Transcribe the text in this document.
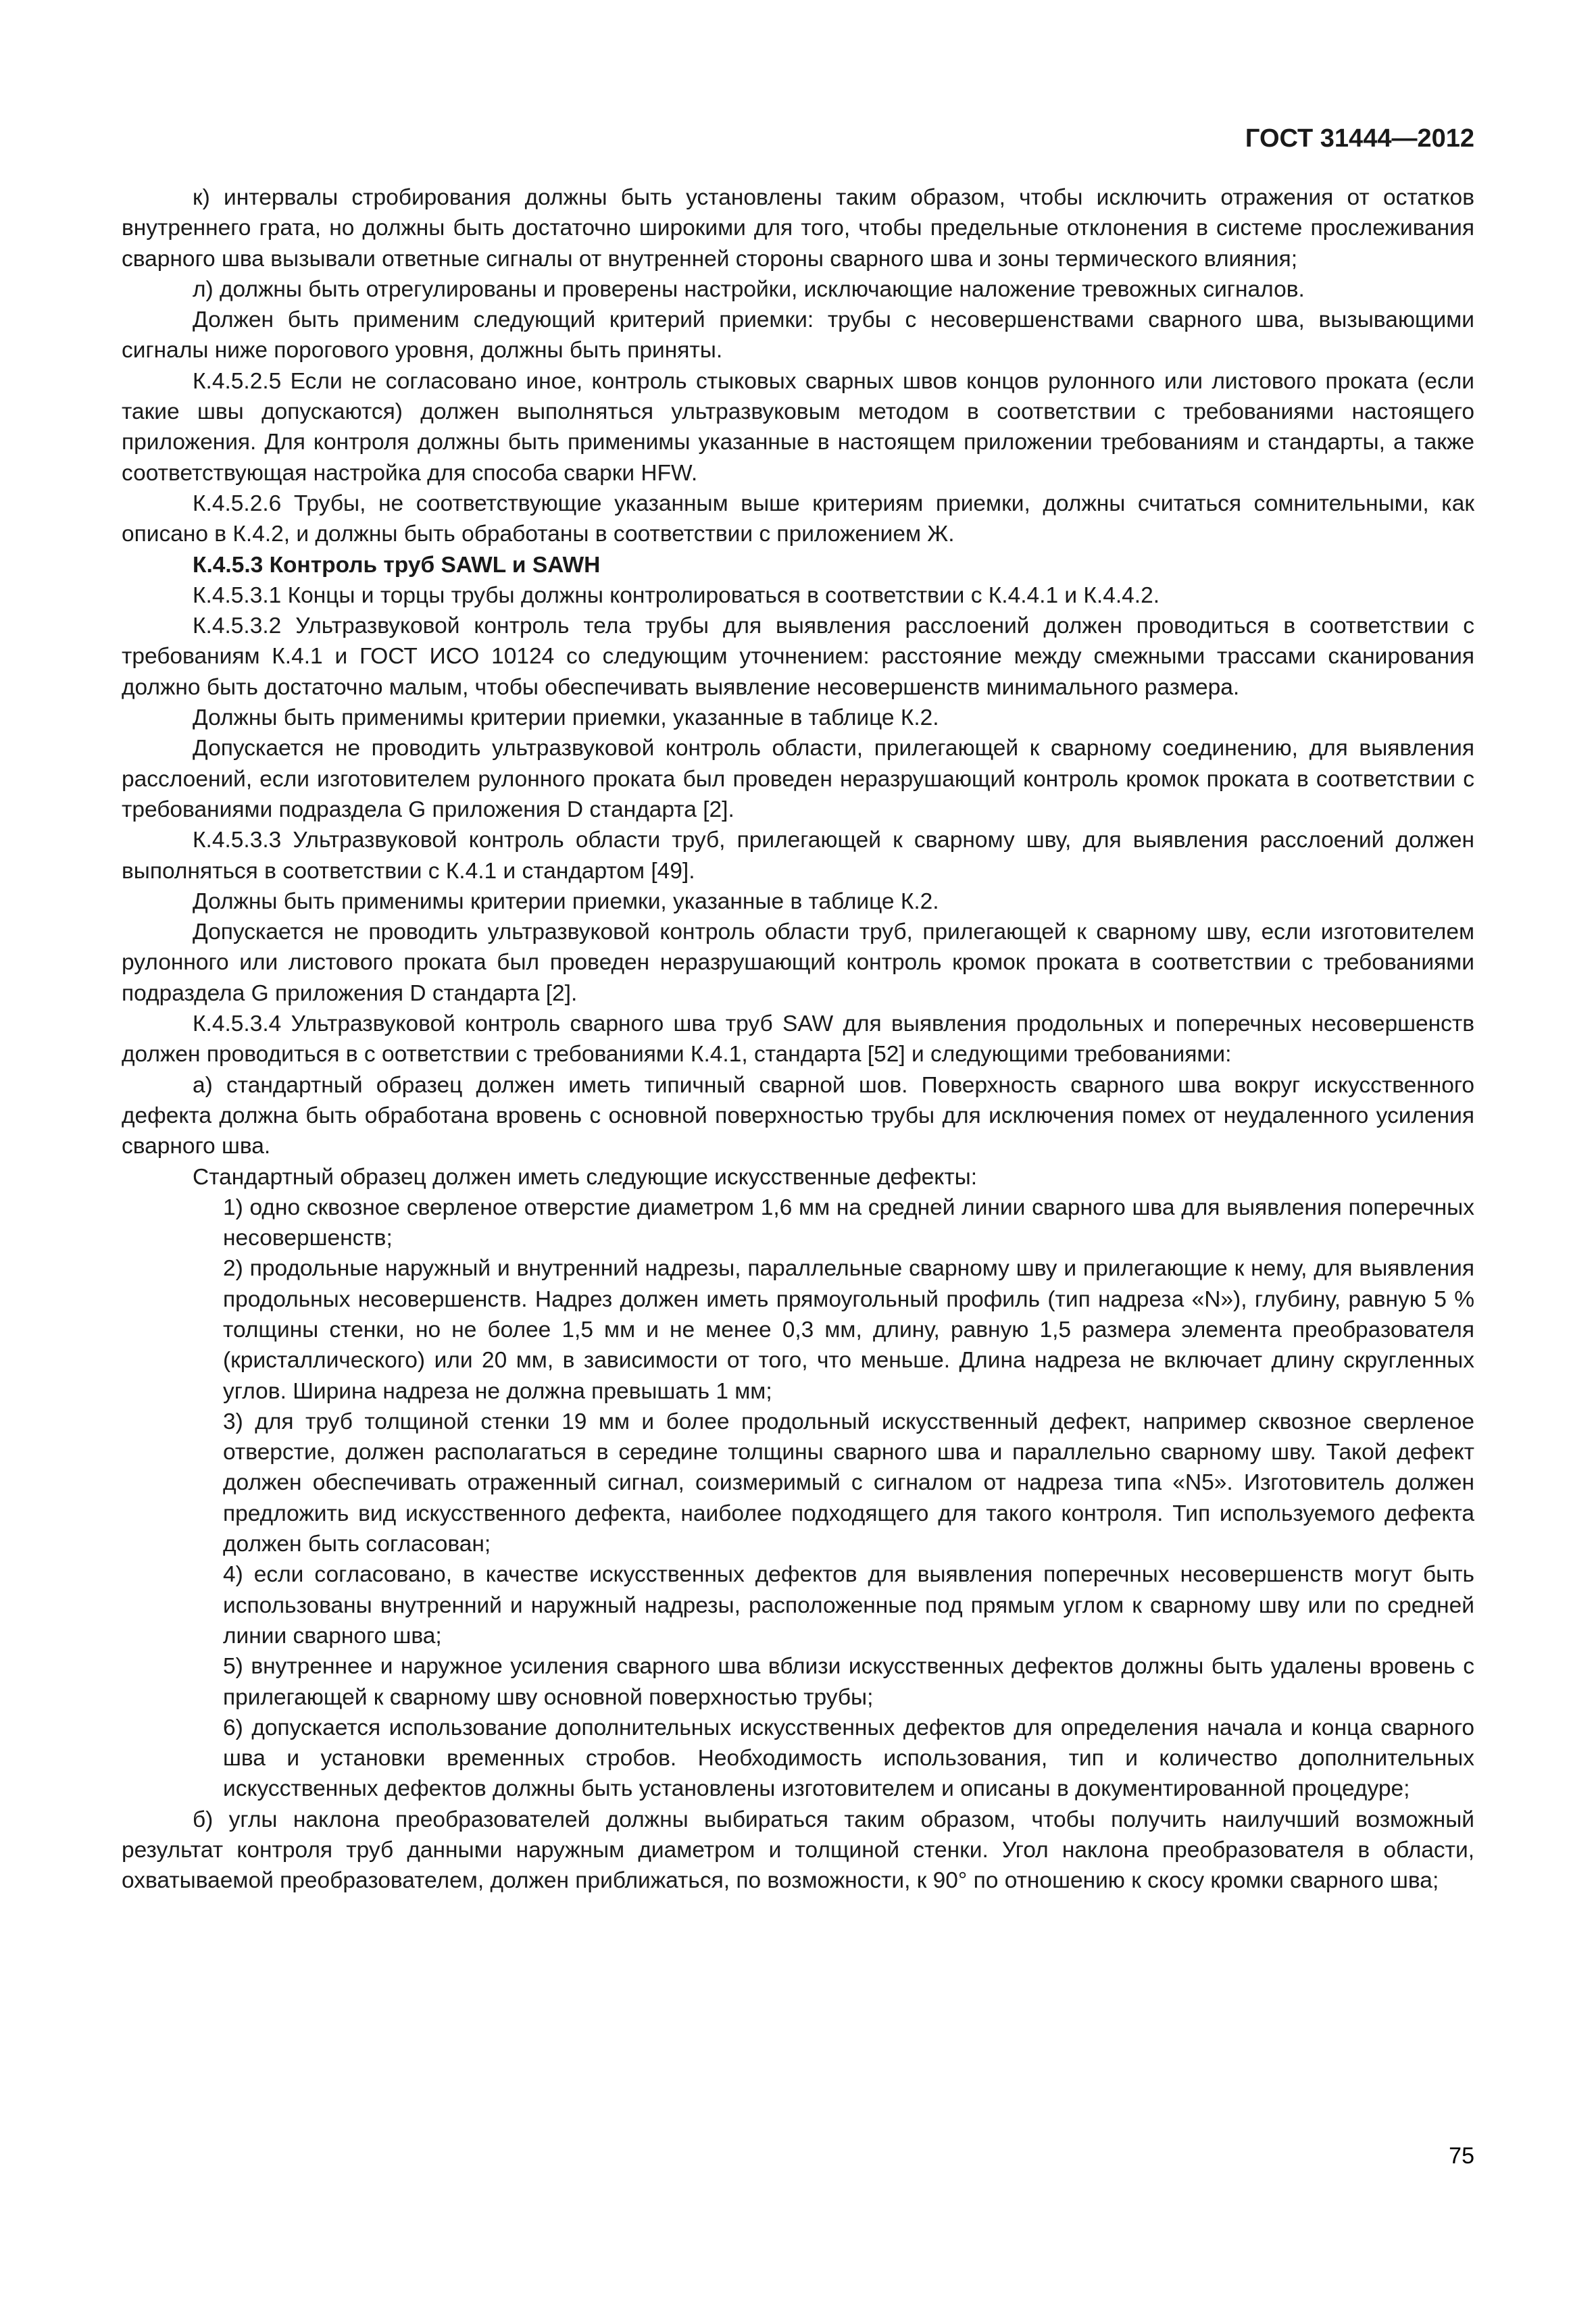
ГОСТ 31444—2012

к) интервалы стробирования должны быть установлены таким образом, чтобы исключить отражения от остатков внутреннего грата, но должны быть достаточно широкими для того, чтобы предельные отклонения в системе прослеживания сварного шва вызывали ответные сигналы от внутренней стороны сварного шва и зоны термического влияния;

л) должны быть отрегулированы и проверены настройки, исключающие наложение тревожных сигналов.

Должен быть применим следующий критерий приемки: трубы с несовершенствами сварного шва, вызывающими сигналы ниже порогового уровня, должны быть приняты.

К.4.5.2.5 Если не согласовано иное, контроль стыковых сварных швов концов рулонного или листового проката (если такие швы допускаются) должен выполняться ультразвуковым методом в соответствии с требованиями настоящего приложения. Для контроля должны быть применимы указанные в настоящем приложении требованиям и стандарты, а также соответствующая настройка для способа сварки HFW.

К.4.5.2.6 Трубы, не соответствующие указанным выше критериям приемки, должны считаться сомнительными, как описано в К.4.2, и должны быть обработаны в соответствии с приложением Ж.

К.4.5.3 Контроль труб SAWL и SAWH

К.4.5.3.1 Концы и торцы трубы должны контролироваться в соответствии с К.4.4.1 и К.4.4.2.

К.4.5.3.2 Ультразвуковой контроль тела трубы для выявления расслоений должен проводиться в соответствии с требованиям К.4.1 и ГОСТ ИСО 10124 со следующим уточнением: расстояние между смежными трассами сканирования должно быть достаточно малым, чтобы обеспечивать выявление несовершенств минимального размера.

Должны быть применимы критерии приемки, указанные в таблице К.2.

Допускается не проводить ультразвуковой контроль области, прилегающей к сварному соединению, для выявления расслоений, если изготовителем рулонного проката был проведен неразрушающий контроль кромок проката в соответствии с требованиями подраздела G приложения D стандарта [2].

К.4.5.3.3 Ультразвуковой контроль области труб, прилегающей к сварному шву, для выявления расслоений должен выполняться в соответствии с К.4.1 и стандартом [49].

Должны быть применимы критерии приемки, указанные в таблице К.2.

Допускается не проводить ультразвуковой контроль области труб, прилегающей к сварному шву, если изготовителем рулонного или листового проката был проведен неразрушающий контроль кромок проката в соответствии с требованиями подраздела G приложения D стандарта [2].

К.4.5.3.4 Ультразвуковой контроль сварного шва труб SAW для выявления продольных и поперечных несовершенств должен проводиться в с оответствии с требованиями К.4.1, стандарта [52] и следующими требованиями:

а) стандартный образец должен иметь типичный сварной шов. Поверхность сварного шва вокруг искусственного дефекта должна быть обработана вровень с основной поверхностью трубы для исключения помех от неудаленного усиления сварного шва.

Стандартный образец должен иметь следующие искусственные дефекты:

1) одно сквозное сверленое отверстие диаметром 1,6 мм на средней линии сварного шва для выявления поперечных несовершенств;

2) продольные наружный и внутренний надрезы, параллельные сварному шву и прилегающие к нему, для выявления продольных несовершенств. Надрез должен иметь прямоугольный профиль (тип надреза «N»), глубину, равную 5 % толщины стенки, но не более 1,5 мм и не менее 0,3 мм, длину, равную 1,5 размера элемента преобразователя (кристаллического) или 20 мм, в зависимости от того, что меньше. Длина надреза не включает длину скругленных углов. Ширина надреза не должна превышать 1 мм;

3) для труб толщиной стенки 19 мм и более продольный искусственный дефект, например сквозное сверленое отверстие, должен располагаться в середине толщины сварного шва и параллельно сварному шву. Такой дефект должен обеспечивать отраженный сигнал, соизмеримый с сигналом от надреза типа «N5». Изготовитель должен предложить вид искусственного дефекта, наиболее подходящего для такого контроля. Тип используемого дефекта должен быть согласован;

4) если согласовано, в качестве искусственных дефектов для выявления поперечных несовершенств могут быть использованы внутренний и наружный надрезы, расположенные под прямым углом к сварному шву или по средней линии сварного шва;

5) внутреннее и наружное усиления сварного шва вблизи искусственных дефектов должны быть удалены вровень с прилегающей к сварному шву основной поверхностью трубы;

6) допускается использование дополнительных искусственных дефектов для определения начала и конца сварного шва и установки временных стробов. Необходимость использования, тип и количество дополнительных искусственных дефектов должны быть установлены изготовителем и описаны в документированной процедуре;

б) углы наклона преобразователей должны выбираться таким образом, чтобы получить наилучший возможный результат контроля труб данными наружным диаметром и толщиной стенки. Угол наклона преобразователя в области, охватываемой преобразователем, должен приближаться, по возможности, к 90° по отношению к скосу кромки сварного шва;

75
